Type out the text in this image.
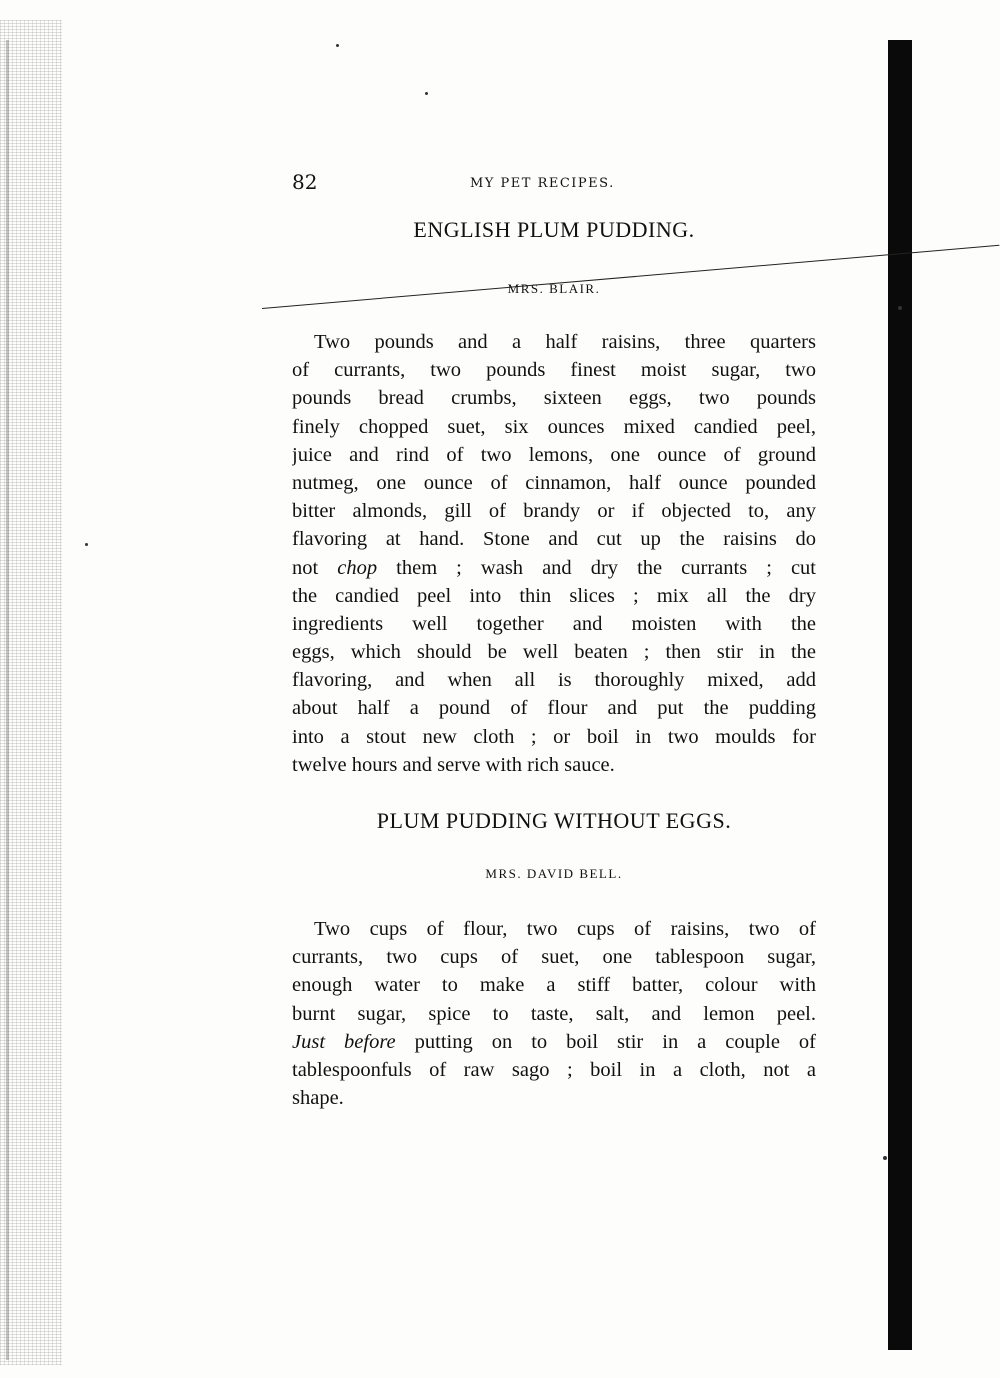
82	MY PET RECIPES.
ENGLISH PLUM PUDDING.
MRS. BLAIR.
Two pounds and a half raisins, three quarters
of currants, two pounds finest moist sugar, two
pounds bread crumbs, sixteen eggs, two pounds
finely chopped suet, six ounces mixed candied peel,
juice and rind of two lemons, one ounce of ground
nutmeg, one ounce of cinnamon, half ounce pounded
bitter almonds, gill of brandy or if objected to, any
flavoring at hand. Stone and cut up the raisins do
not chop them ; wash and dry the currants ; cut
the candied peel into thin slices ; mix all the dry
ingredients well together and moisten with the
eggs, which should be well beaten ; then stir in the
flavoring, and when all is thoroughly mixed, add
about half a pound of flour and put the pudding
into a stout new cloth ; or boil in two moulds for
twelve hours and serve with rich sauce.
PLUM PUDDING WITHOUT EGGS.
MRS. DAVID BELL.
Two cups of flour, two cups of raisins, two of
currants, two cups of suet, one tablespoon sugar,
enough water to make a stiff batter, colour with
burnt sugar, spice to taste, salt, and lemon peel.
Just before putting on to boil stir in a couple of
tablespoonfuls of raw sago ; boil in a cloth, not a
shape.
